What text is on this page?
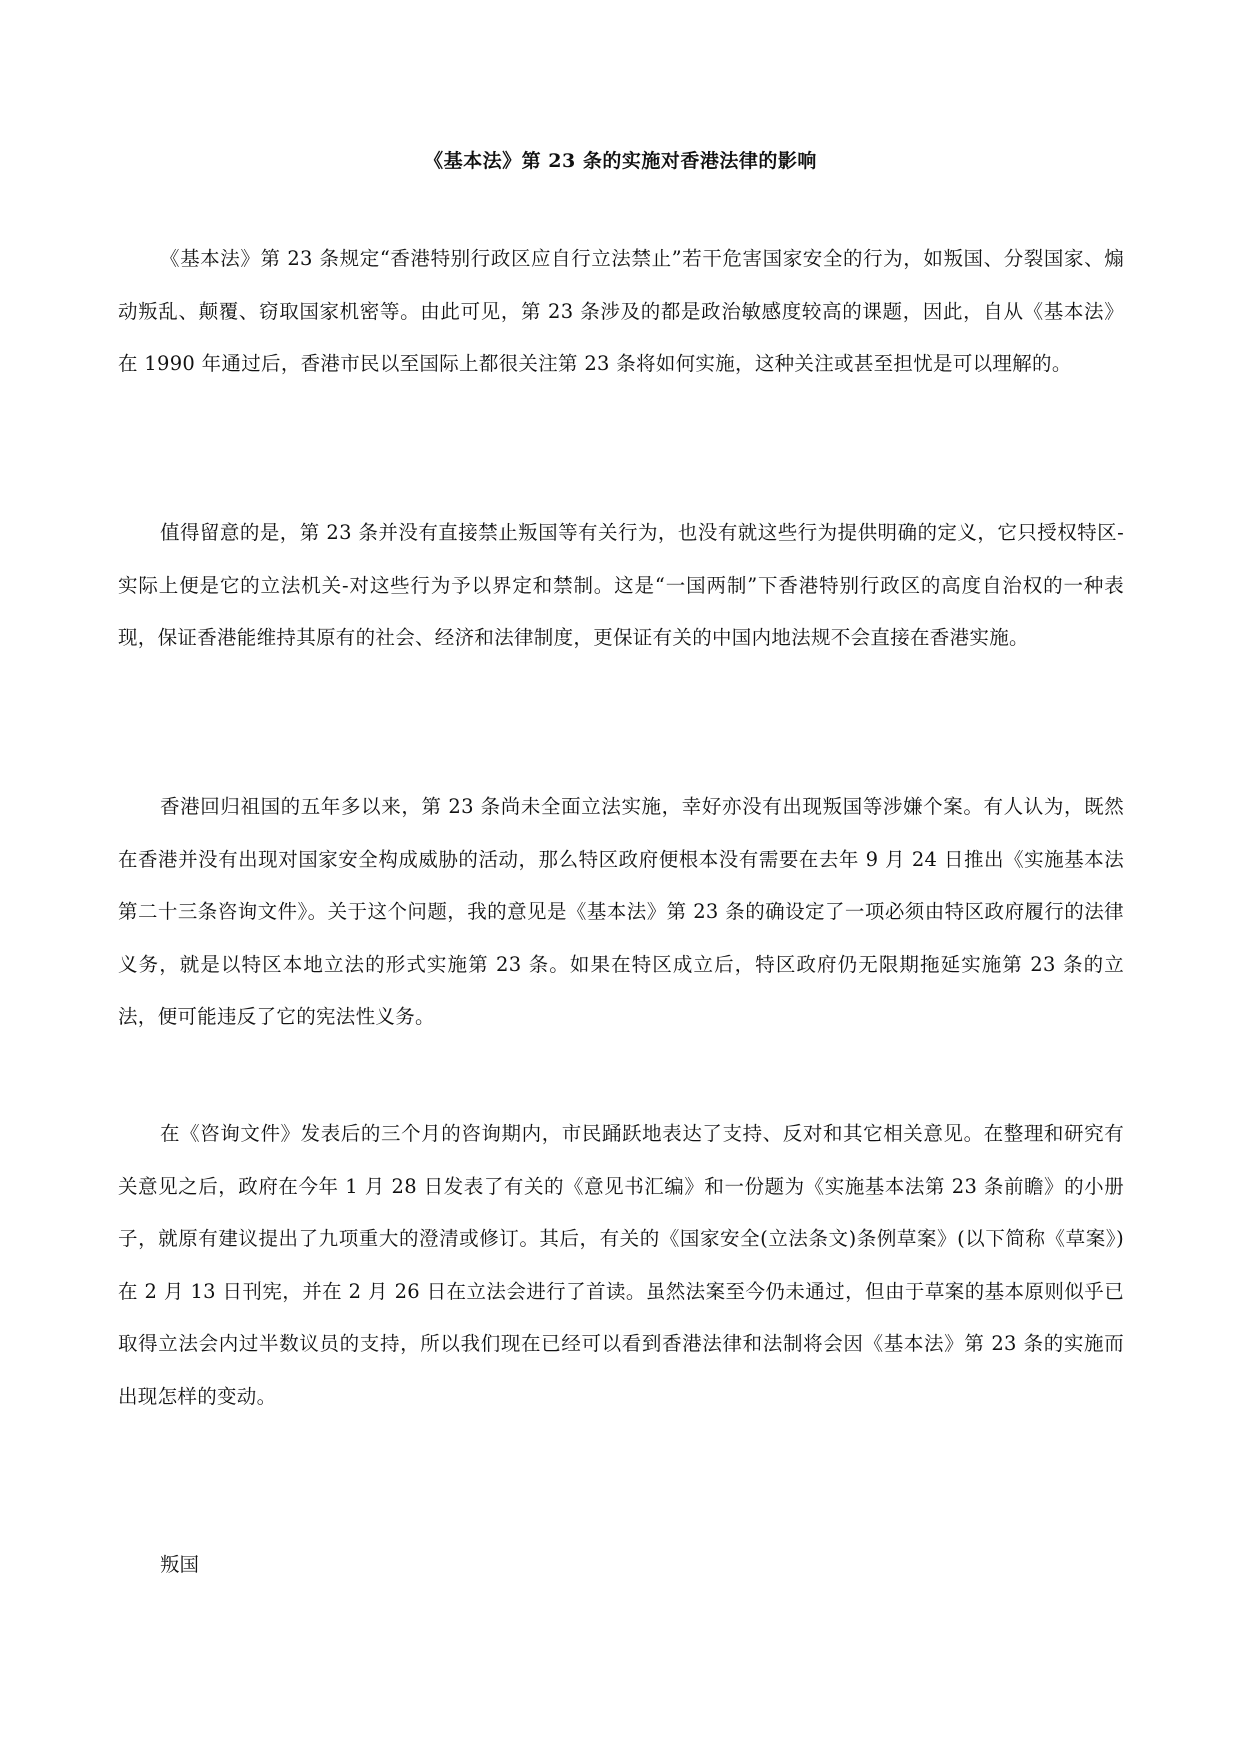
《基本法》第 23 条的实施对香港法律的影响

《基本法》第 23 条规定“香港特别行政区应自行立法禁止”若干危害国家安全的行为，如叛国、分裂国家、煽动叛乱、颠覆、窃取国家机密等。由此可见，第 23 条涉及的都是政治敏感度较高的课题，因此，自从《基本法》在 1990 年通过后，香港市民以至国际上都很关注第 23 条将如何实施，这种关注或甚至担忧是可以理解的。

值得留意的是，第 23 条并没有直接禁止叛国等有关行为，也没有就这些行为提供明确的定义，它只授权特区-实际上便是它的立法机关-对这些行为予以界定和禁制。这是“一国两制”下香港特别行政区的高度自治权的一种表现，保证香港能维持其原有的社会、经济和法律制度，更保证有关的中国内地法规不会直接在香港实施。

香港回归祖国的五年多以来，第 23 条尚未全面立法实施，幸好亦没有出现叛国等涉嫌个案。有人认为，既然在香港并没有出现对国家安全构成威胁的活动，那么特区政府便根本没有需要在去年 9 月 24 日推出《实施基本法第二十三条咨询文件》。关于这个问题，我的意见是《基本法》第 23 条的确设定了一项必须由特区政府履行的法律义务，就是以特区本地立法的形式实施第 23 条。如果在特区成立后，特区政府仍无限期拖延实施第 23 条的立法，便可能违反了它的宪法性义务。

在《咨询文件》发表后的三个月的咨询期内，市民踊跃地表达了支持、反对和其它相关意见。在整理和研究有关意见之后，政府在今年 1 月 28 日发表了有关的《意见书汇编》和一份题为《实施基本法第 23 条前瞻》的小册子，就原有建议提出了九项重大的澄清或修订。其后，有关的《国家安全(立法条文)条例草案》(以下简称《草案》)在 2 月 13 日刊宪，并在 2 月 26 日在立法会进行了首读。虽然法案至今仍未通过，但由于草案的基本原则似乎已取得立法会内过半数议员的支持，所以我们现在已经可以看到香港法律和法制将会因《基本法》第 23 条的实施而出现怎样的变动。

叛国
